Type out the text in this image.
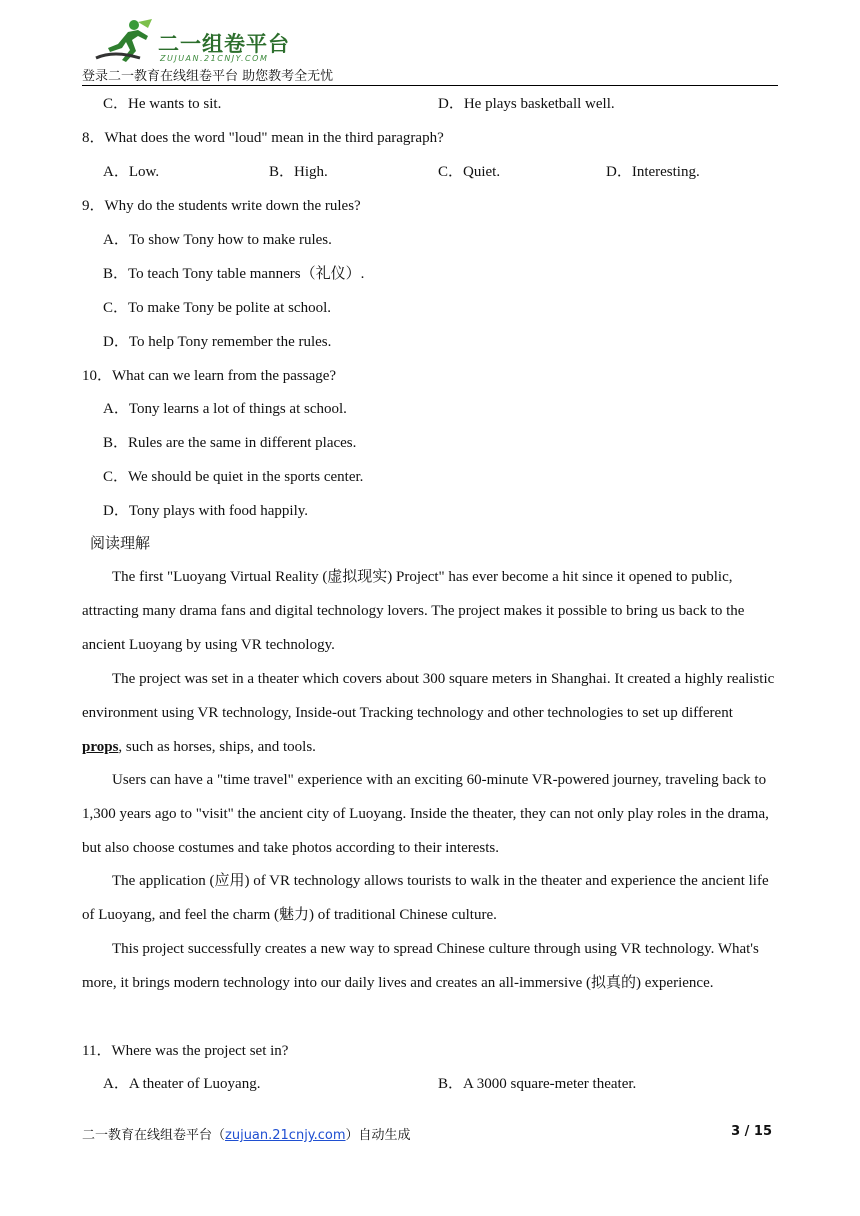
二一组卷平台
ZUJUAN.21CNJY.COM
登录二一教育在线组卷平台 助您教考全无忧
C．He wants to sit.	D．He plays basketball well.
8．What does the word "loud" mean in the third paragraph?
A．Low.	B．High.	C．Quiet.	D．Interesting.
9．Why do the students write down the rules?
A．To show Tony how to make rules.
B．To teach Tony table manners（礼仪）.
C．To make Tony be polite at school.
D．To help Tony remember the rules.
10．What can we learn from the passage?
A．Tony learns a lot of things at school.
B．Rules are the same in different places.
C．We should be quiet in the sports center.
D．Tony plays with food happily.
阅读理解

The first "Luoyang Virtual Reality (虚拟现实) Project" has ever become a hit since it opened to public, attracting many drama fans and digital technology lovers. The project makes it possible to bring us back to the ancient Luoyang by using VR technology.

The project was set in a theater which covers about 300 square meters in Shanghai. It created a highly realistic environment using VR technology, Inside-out Tracking technology and other technologies to set up different props, such as horses, ships, and tools.

Users can have a "time travel" experience with an exciting 60-minute VR-powered journey, traveling back to 1,300 years ago to "visit" the ancient city of Luoyang. Inside the theater, they can not only play roles in the drama, but also choose costumes and take photos according to their interests.

The application (应用) of VR technology allows tourists to walk in the theater and experience the ancient life of Luoyang, and feel the charm (魅力) of traditional Chinese culture.

This project successfully creates a new way to spread Chinese culture through using VR technology. What's more, it brings modern technology into our daily lives and creates an all-immersive (拟真的) experience.

11．Where was the project set in?
A．A theater of Luoyang.	B．A 3000 square-meter theater.
二一教育在线组卷平台（zujuan.21cnjy.com）自动生成	3 / 15
